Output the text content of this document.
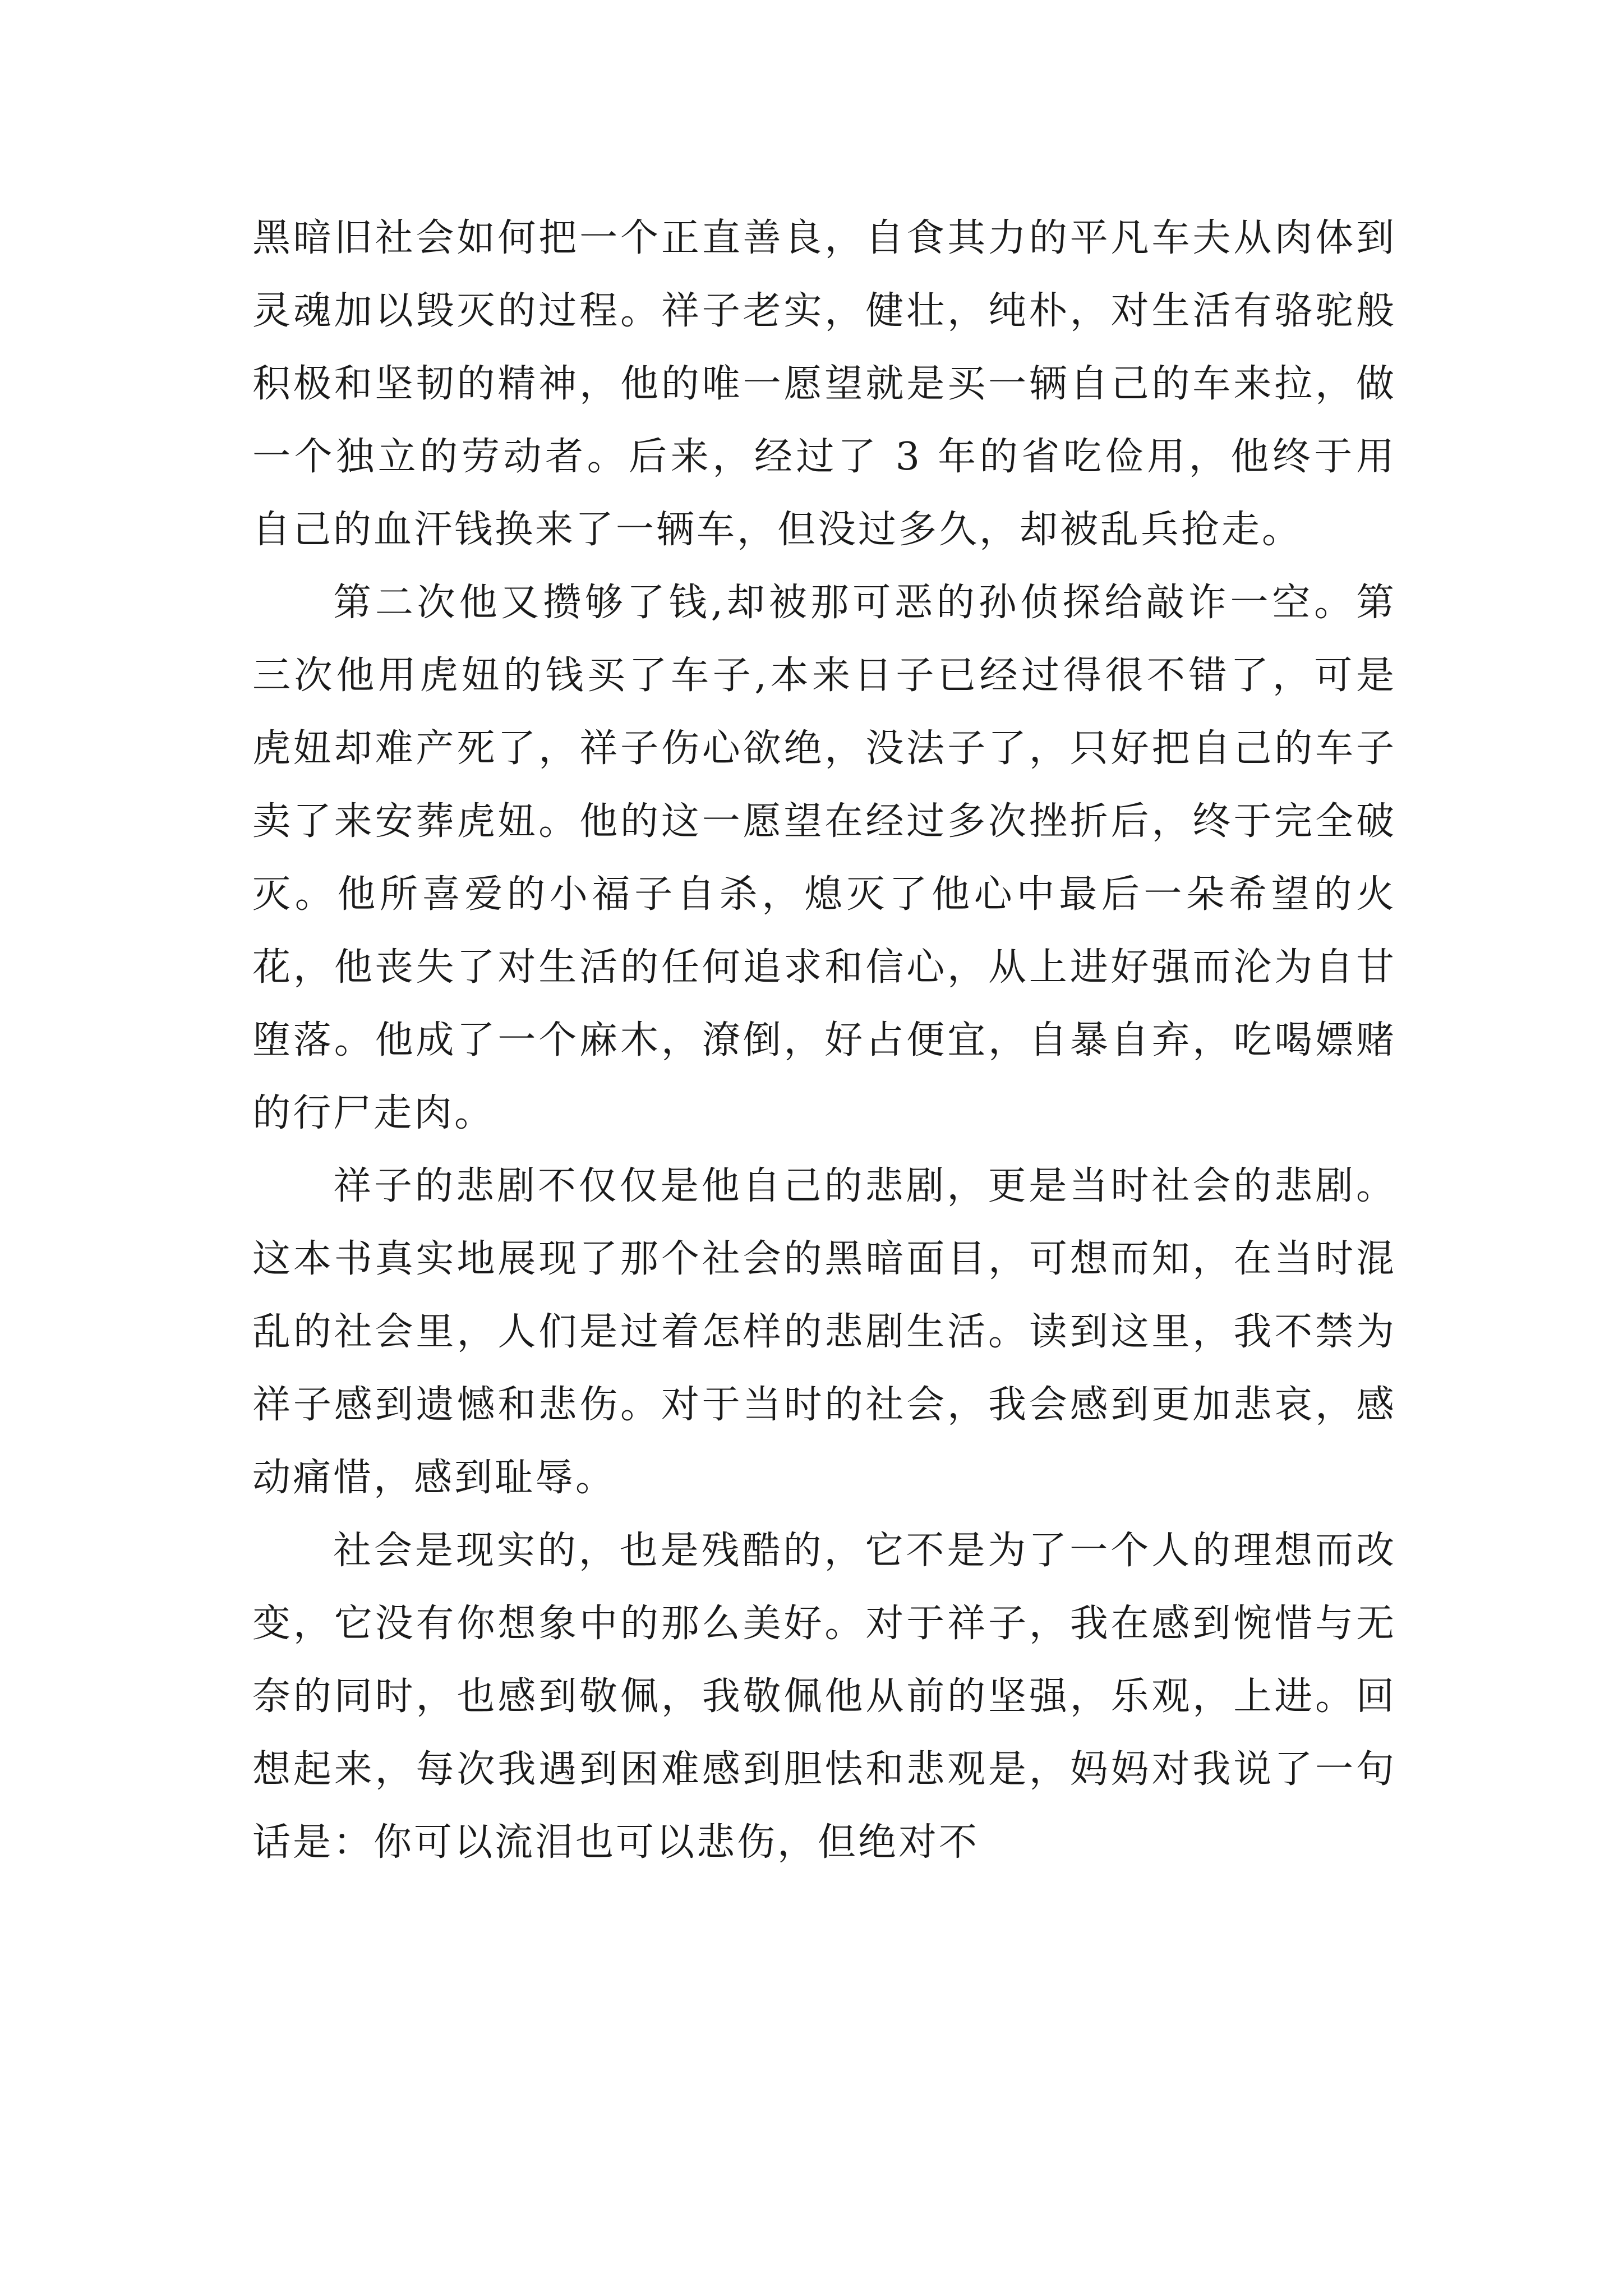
黑暗旧社会如何把一个正直善良，自食其力的平凡车夫从肉体到灵魂加以毁灭的过程。祥子老实，健壮，纯朴，对生活有骆驼般积极和坚韧的精神，他的唯一愿望就是买一辆自己的车来拉，做一个独立的劳动者。后来，经过了 3 年的省吃俭用，他终于用自己的血汗钱换来了一辆车，但没过多久，却被乱兵抢走。

第二次他又攒够了钱,却被那可恶的孙侦探给敲诈一空。第三次他用虎妞的钱买了车子,本来日子已经过得很不错了，可是虎妞却难产死了，祥子伤心欲绝，没法子了，只好把自己的车子卖了来安葬虎妞。他的这一愿望在经过多次挫折后，终于完全破灭。他所喜爱的小福子自杀，熄灭了他心中最后一朵希望的火花，他丧失了对生活的任何追求和信心，从上进好强而沦为自甘堕落。他成了一个麻木，潦倒，好占便宜，自暴自弃，吃喝嫖赌的行尸走肉。

祥子的悲剧不仅仅是他自己的悲剧，更是当时社会的悲剧。这本书真实地展现了那个社会的黑暗面目，可想而知，在当时混乱的社会里，人们是过着怎样的悲剧生活。读到这里，我不禁为祥子感到遗憾和悲伤。对于当时的社会，我会感到更加悲哀，感动痛惜，感到耻辱。

社会是现实的，也是残酷的，它不是为了一个人的理想而改变，它没有你想象中的那么美好。对于祥子，我在感到惋惜与无奈的同时，也感到敬佩，我敬佩他从前的坚强，乐观，上进。回想起来，每次我遇到困难感到胆怯和悲观是，妈妈对我说了一句话是：你可以流泪也可以悲伤，但绝对不
